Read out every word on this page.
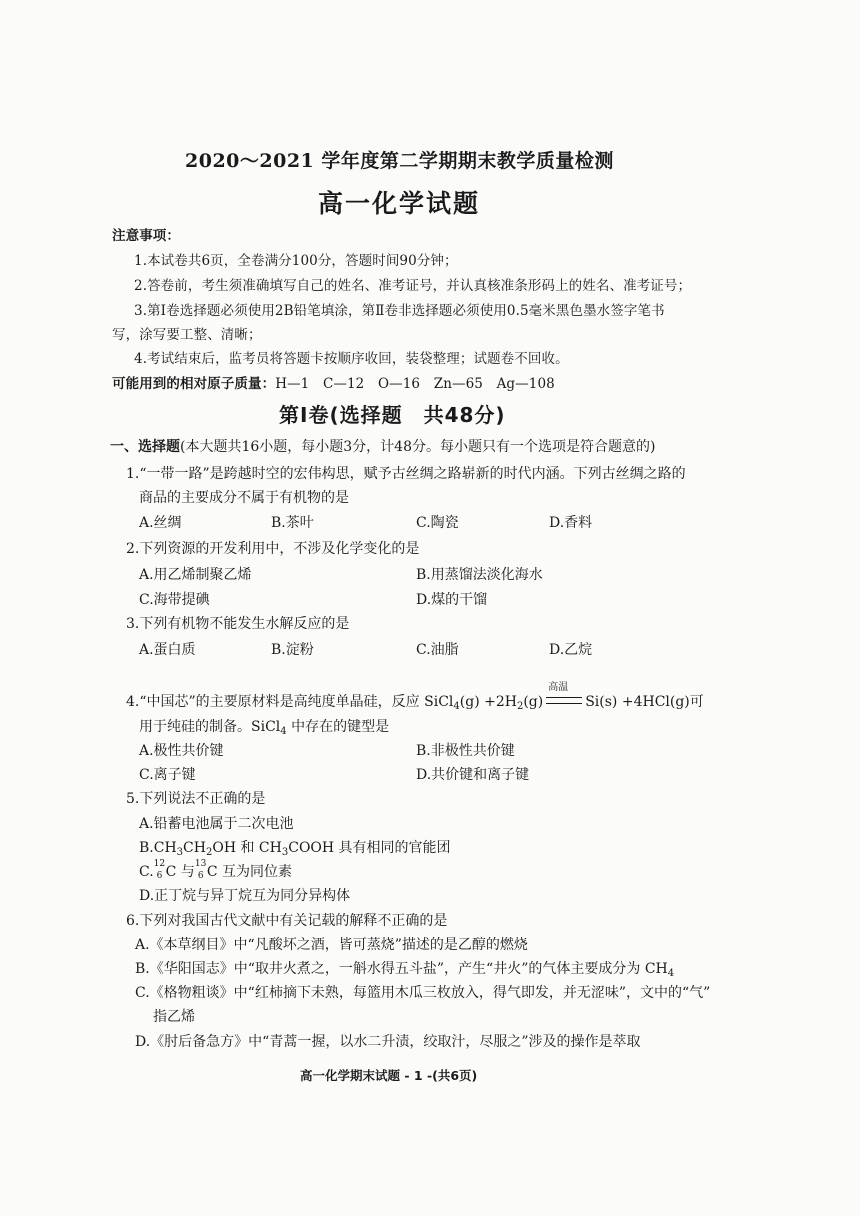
2020～2021 学年度第二学期期末教学质量检测
高一化学试题
注意事项：
1.本试卷共6页，全卷满分100分，答题时间90分钟；
2.答卷前，考生须准确填写自己的姓名、准考证号，并认真核准条形码上的姓名、准考证号；
3.第Ⅰ卷选择题必须使用2B铅笔填涂，第Ⅱ卷非选择题必须使用0.5毫米黑色墨水签字笔书
写，涂写要工整、清晰；
4.考试结束后，监考员将答题卡按顺序收回，装袋整理；试题卷不回收。
可能用到的相对原子质量：H—1　C—12　O—16　Zn—65　Ag—108
第Ⅰ卷(选择题　共48分)
一、选择题(本大题共16小题，每小题3分，计48分。每小题只有一个选项是符合题意的)
1.“一带一路”是跨越时空的宏伟构思，赋予古丝绸之路崭新的时代内涵。下列古丝绸之路的
商品的主要成分不属于有机物的是
A.丝绸	B.茶叶	C.陶瓷	D.香料
2.下列资源的开发利用中，不涉及化学变化的是
A.用乙烯制聚乙烯	B.用蒸馏法淡化海水
C.海带提碘	D.煤的干馏
3.下列有机物不能发生水解反应的是
A.蛋白质	B.淀粉	C.油脂	D.乙烷
4.“中国芯”的主要原材料是高纯度单晶硅，反应 SiCl$_4$(g) $+2H_2(g)$
高温
Si(s) +4HCl(g)可
用于纯硅的制备。SiCl$_4$ 中存在的键型是
A.极性共价键	B.非极性共价键
C.离子键	D.共价键和离子键
5.下列说法不正确的是
A.铅蓄电池属于二次电池
$B.CH_3CH_2OH$ 和 $CH_3COOH$ 具有相同的官能团
C. 12
6 C 与 13
6 C 互为同位素
D.正丁烷与异丁烷互为同分异构体
6.下列对我国古代文献中有关记载的解释不正确的是
A.《本草纲目》中“凡酸坏之酒，皆可蒸烧”描述的是乙醇的燃烧
B.《华阳国志》中“取井火煮之，一斛水得五斗盐”，产生“井火”的气体主要成分为 $CH_4$
C.《格物粗谈》中“红柿摘下未熟，每篮用木瓜三枚放入，得气即发，并无涩味”，文中的“气”
指乙烯
D.《肘后备急方》中“青蒿一握，以水二升渍，绞取汁，尽服之”涉及的操作是萃取
高一化学期末试题 - 1 -(共6页)
